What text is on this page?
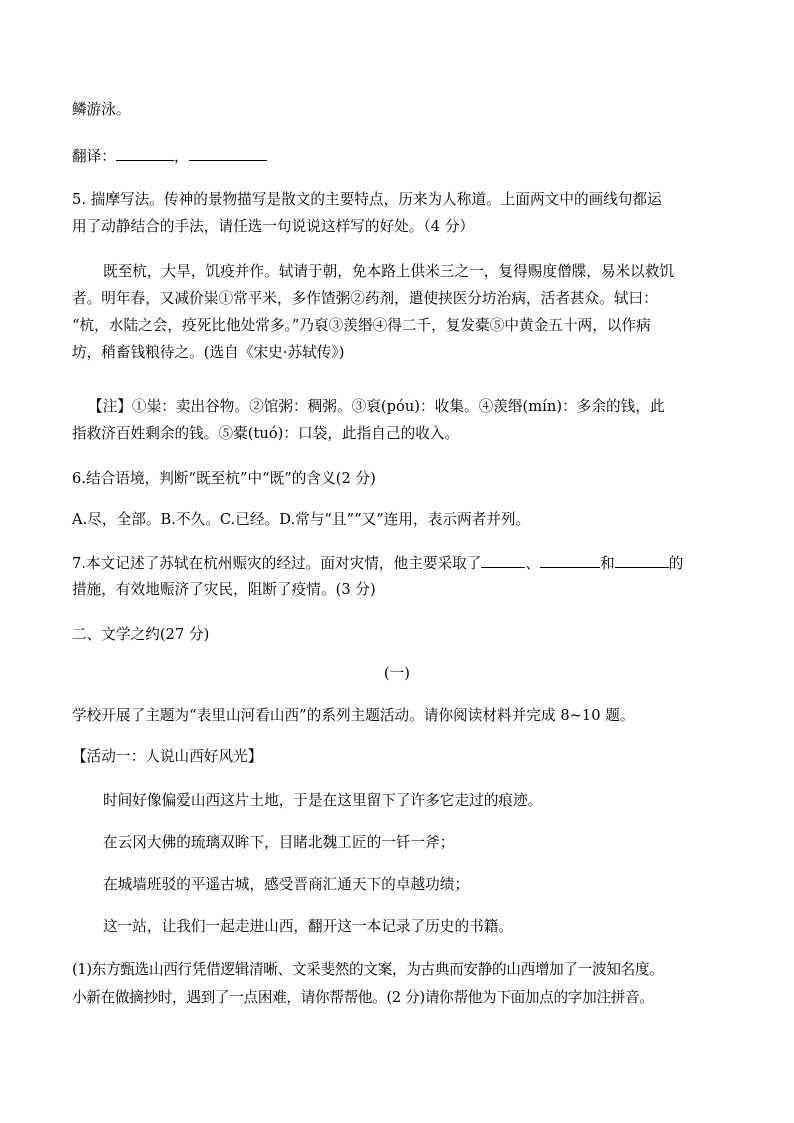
鳞游泳。
翻译：	，
5. 揣摩写法。传神的景物描写是散文的主要特点，历来为人称道。上面两文中的画线句都运
用了动静结合的手法，请任选一句说说这样写的好处。（4 分）
既至杭，大旱，饥疫并作。轼请于朝，免本路上供米三之一，复得赐度僧牒，易米以救饥
者。明年春，又减价粜①常平米，多作馇粥②药剂，遣使挟医分坊治病，活者甚众。轼曰：
“杭，水陆之会，疫死比他处常多。”乃裒③羡缗④得二千，复发橐⑤中黄金五十两，以作病
坊，稍畜钱粮待之。(选自《宋史·苏轼传》)
【注】①粜：卖出谷物。②馆粥：稠粥。③裒(póu)：收集。④羡缗(mín)：多余的钱，此
指救济百姓剩余的钱。⑤橐(tuó)：口袋，此指自己的收入。
6.结合语境，判断“既至杭”中“既”的含义(2 分)
A.尽，全部。B.不久。C.已经。D.常与“且”“又”连用，表示两者并列。
7.本文记述了苏轼在杭州赈灾的经过。面对灾情，他主要采取了	、	和	的
措施，有效地赈济了灾民，阻断了疫情。(3 分)
二、文学之约(27 分)
(一)
学校开展了主题为“表里山河看山西”的系列主题活动。请你阅读材料并完成 8~10 题。
【活动一：人说山西好风光】
时间好像偏爱山西这片土地，于是在这里留下了许多它走过的痕迹。
在云冈大佛的琉璃双眸下，目睹北魏工匠的一钎一斧；
在城墙班驳的平遥古城，感受晋商汇通天下的卓越功绩；
这一站，让我们一起走进山西，翻开这一本记录了历史的书籍。
(1)东方甄选山西行凭借逻辑清晰、文采斐然的文案，为古典而安静的山西增加了一波知名度。
小新在做摘抄时，遇到了一点困难，请你帮帮他。(2 分)请你帮他为下面加点的字加注拼音。
